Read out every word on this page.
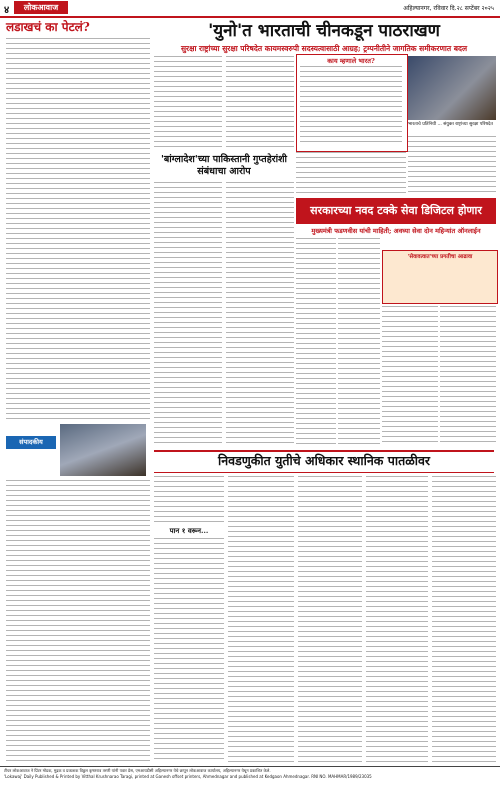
४	लोकआवाज	अहिल्यानगर, रविवार दि.२८ सप्टेंबर २०२५
लडाखचं का पेटलं?
संपादकीय
'युनो'त भारताची चीनकडून पाठराखण
सुरक्षा राष्ट्रांच्या सुरक्षा परिषदेत कायमस्वरुपी सदस्यत्वासाठी आग्रह; ट्रम्पनीतीने जागतिक समीकरणात बदल
काय म्हणाले भारत?
भारताचे प्रतिनिधी ... संयुक्त राष्ट्रांच्या सुरक्षा परिषदेत
'बांग्लादेश'च्या पाकिस्तानी गुप्तहेरांशी संबंधाचा आरोप
सरकारच्या नवद टक्के सेवा डिजिटल होणार
मुख्यमंत्री फडणवीस यांची माहिती; अवघ्या सेवा दोन महिन्यांत ऑनलाईन
'सेवावत्वात'च्या प्रगतीचा आढावा
निवडणुकीत युतीचे अधिकार स्थानिक पातळीवर
पान १ वरून...
टीचर लोकआवाज ने प्रिंटर मोडक, मुद्रक व प्रकाशक विठ्ठल कृष्णराव तरणी यांनी पवार प्रेस, एमआयडीसी अहिल्यानगर येथे छापून लोकआवाज कार्यालय, अहिल्यानगर येथून प्रकाशित केले.
'Lokawaj' Daily Published & Printed by Vitthal Krushnarao Taragi, printed at Ganesh offset printers, Ahmednagar and published at Kedgaon Ahmednagar. RNI NO. MAHMAR/1989/23035
